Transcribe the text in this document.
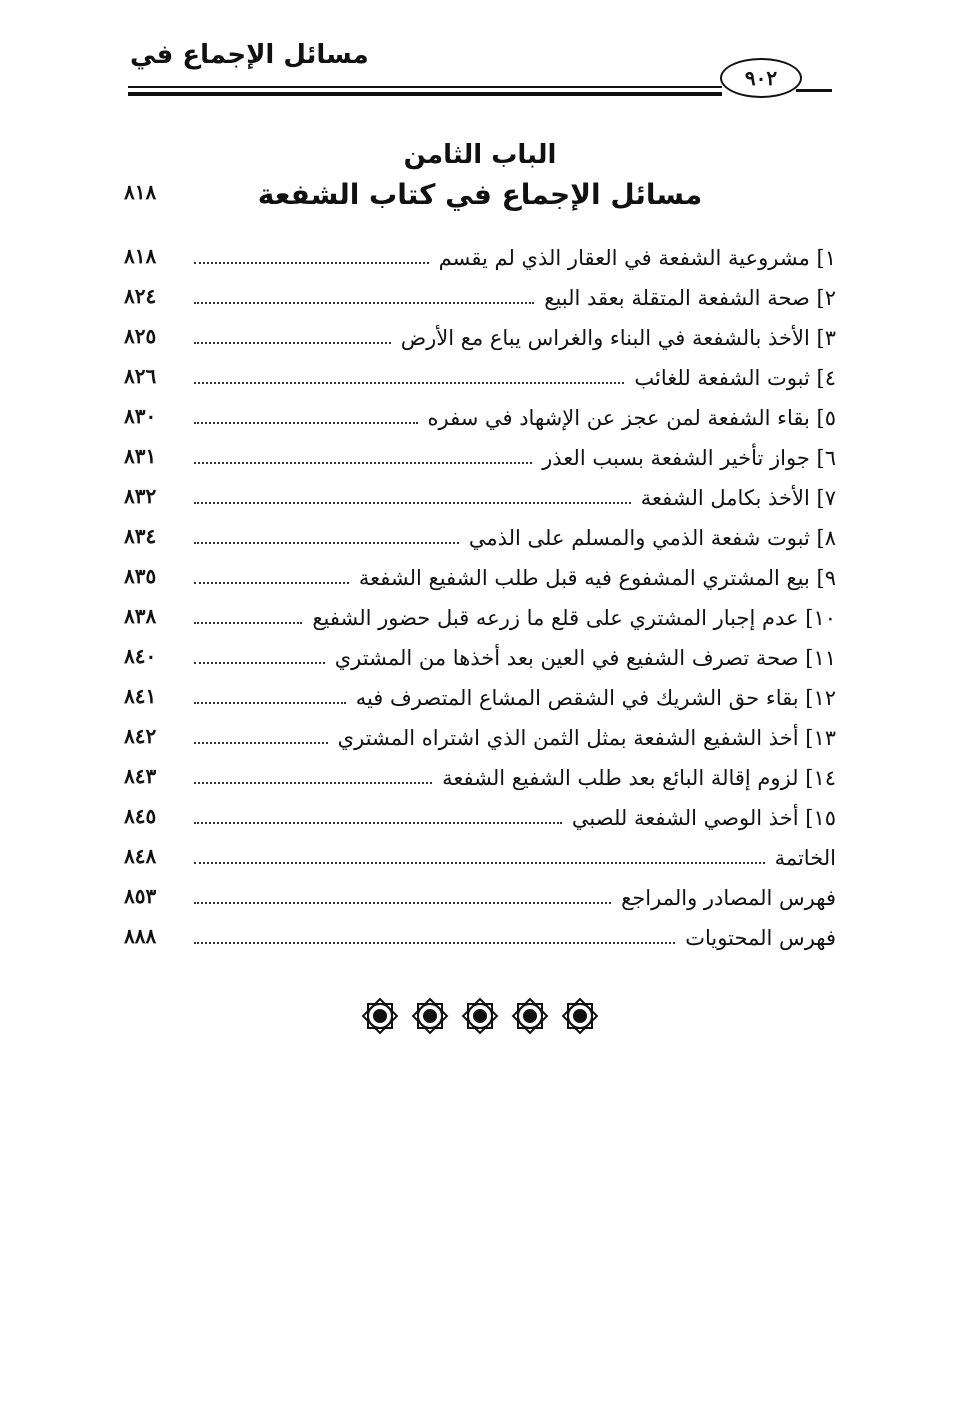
مسائل الإجماع في
٩٠٢
الباب الثامن
مسائل الإجماع في كتاب الشفعة
٨١٨
١] مشروعية الشفعة في العقار الذي لم يقسم
٨١٨
٢] صحة الشفعة المتقلة بعقد البيع
٨٢٤
٣] الأخذ بالشفعة في البناء والغراس يباع مع الأرض
٨٢٥
٤] ثبوت الشفعة للغائب
٨٢٦
٥] بقاء الشفعة لمن عجز عن الإشهاد في سفره
٨٣٠
٦] جواز تأخير الشفعة بسبب العذر
٨٣١
٧] الأخذ بكامل الشفعة
٨٣٢
٨] ثبوت شفعة الذمي والمسلم على الذمي
٨٣٤
٩] بيع المشتري المشفوع فيه قبل طلب الشفيع الشفعة
٨٣٥
١٠] عدم إجبار المشتري على قلع ما زرعه قبل حضور الشفيع
٨٣٨
١١] صحة تصرف الشفيع في العين بعد أخذها من المشتري
٨٤٠
١٢] بقاء حق الشريك في الشقص المشاع المتصرف فيه
٨٤١
١٣] أخذ الشفيع الشفعة بمثل الثمن الذي اشتراه المشتري
٨٤٢
١٤] لزوم إقالة البائع بعد طلب الشفيع الشفعة
٨٤٣
١٥] أخذ الوصي الشفعة للصبي
٨٤٥
الخاتمة
٨٤٨
فهرس المصادر والمراجع
٨٥٣
فهرس المحتويات
٨٨٨
